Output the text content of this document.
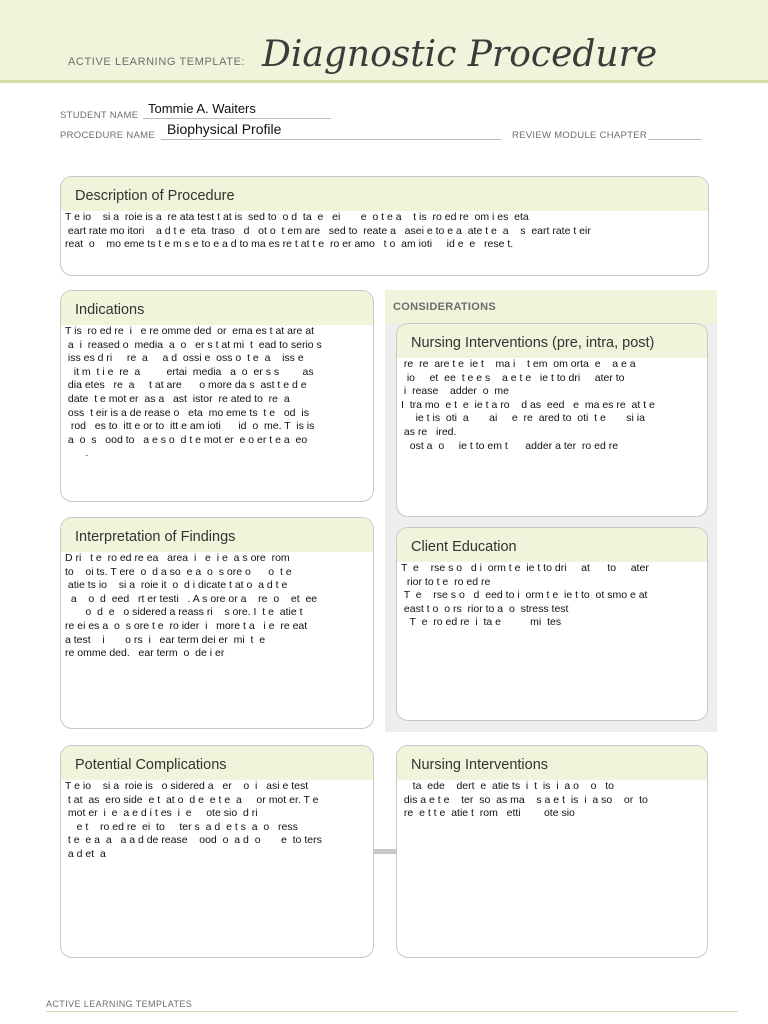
ACTIVE LEARNING TEMPLATE: Diagnostic Procedure
STUDENT NAME Tommie A. Waiters
PROCEDURE NAME Biophysical Profile	REVIEW MODULE CHAPTER
Description of Procedure
T e io    si a  roie is a  re ata test t at is  sed to  o d  ta  e   ei       e  o t e a    t is  ro ed re  om i es  eta
eart rate mo itori    a d t e  eta  traso   d   ot o  t em are   sed to  reate a   asei e to e a  ate t e  a    s  eart rate t eir
reat  o    mo eme ts t e m s e to e a d to ma es re t at t e  ro er amo   t o  am ioti     id e  e   rese t.
Indications
T is  ro ed re  i   e re omme ded  or  ema es t at are at
a  i  reased o  media  a  o   er s t at mi  t  ead to serio s
iss es d ri     re  a     a d  ossi e  oss o  t e  a    iss e
it m  t i e  re  a         ertai  media   a  o  er s s        as
dia etes   re  a     t at are      o more da s  ast t e d e
date  t e mot er  as a   ast  istor  re ated to  re  a
oss  t eir is a de rease o   eta  mo eme ts  t e   od  is
rod   es to  itt e or to  itt e am ioti      id  o  me. T  is is
a  o  s   ood to   a e s o  d t e mot er  e o er t e a  eo
.
CONSIDERATIONS
Nursing Interventions (pre, intra, post)
re  re  are t e  ie t    ma i    t em  om orta  e    a e a
io     et  ee  t e e s    a e t e   ie t to dri     ater to
i  rease    adder  o  me
I  tra mo  e t  e  ie t a ro    d as  eed   e  ma es re  at t e
ie t is  oti  a       ai     e  re  ared to  oti  t e       si ia
as re   ired.
ost a  o     ie t to em t      adder a ter  ro ed re
Client Education
T  e    rse s o   d i  orm t e  ie t to dri     at      to     ater
rior to t e  ro ed re
T  e    rse s o   d  eed to i  orm t e  ie t to  ot smo e at
east t o  o rs  rior to a  o  stress test
T  e  ro ed re  i  ta e          mi  tes
Interpretation of Findings
D ri   t e  ro ed re ea   area  i   e  i e  a s ore  rom
to    oi ts. T ere  o  d a so  e a  o  s ore o      o  t e
atie ts io    si a  roie it  o  d i dicate t at o  a d t e
a    o  d  eed   rt er testi   . A s ore or a    re  o    et  ee
o  d  e   o sidered a reass ri    s ore. I  t e  atie t
re ei es a  o  s ore t e  ro ider  i   more t a   i e  re eat
a test    i       o rs  i   ear term dei er  mi  t  e
re omme ded.   ear term  o  de i er
Potential Complications
T e io    si a  roie is   o sidered a   er    o  i   asi e test
t at  as  ero side  e t  at o  d e  e t e  a     or mot er. T e
mot er  i  e  a e d i t es  i  e     ote sio  d ri
e t    ro ed re  ei  to     ter s  a d  e t s  a  o   ress
t e  e a  a   a a d de rease    ood  o  a d  o       e  to ters
a d et  a
Nursing Interventions
ta  ede    dert  e  atie ts  i  t  is  i  a o    o   to
dis a e t e    ter  so  as ma    s a e t  is  i  a so    or  to
re  e t t e  atie t  rom   etti        ote sio
ACTIVE LEARNING TEMPLATES
